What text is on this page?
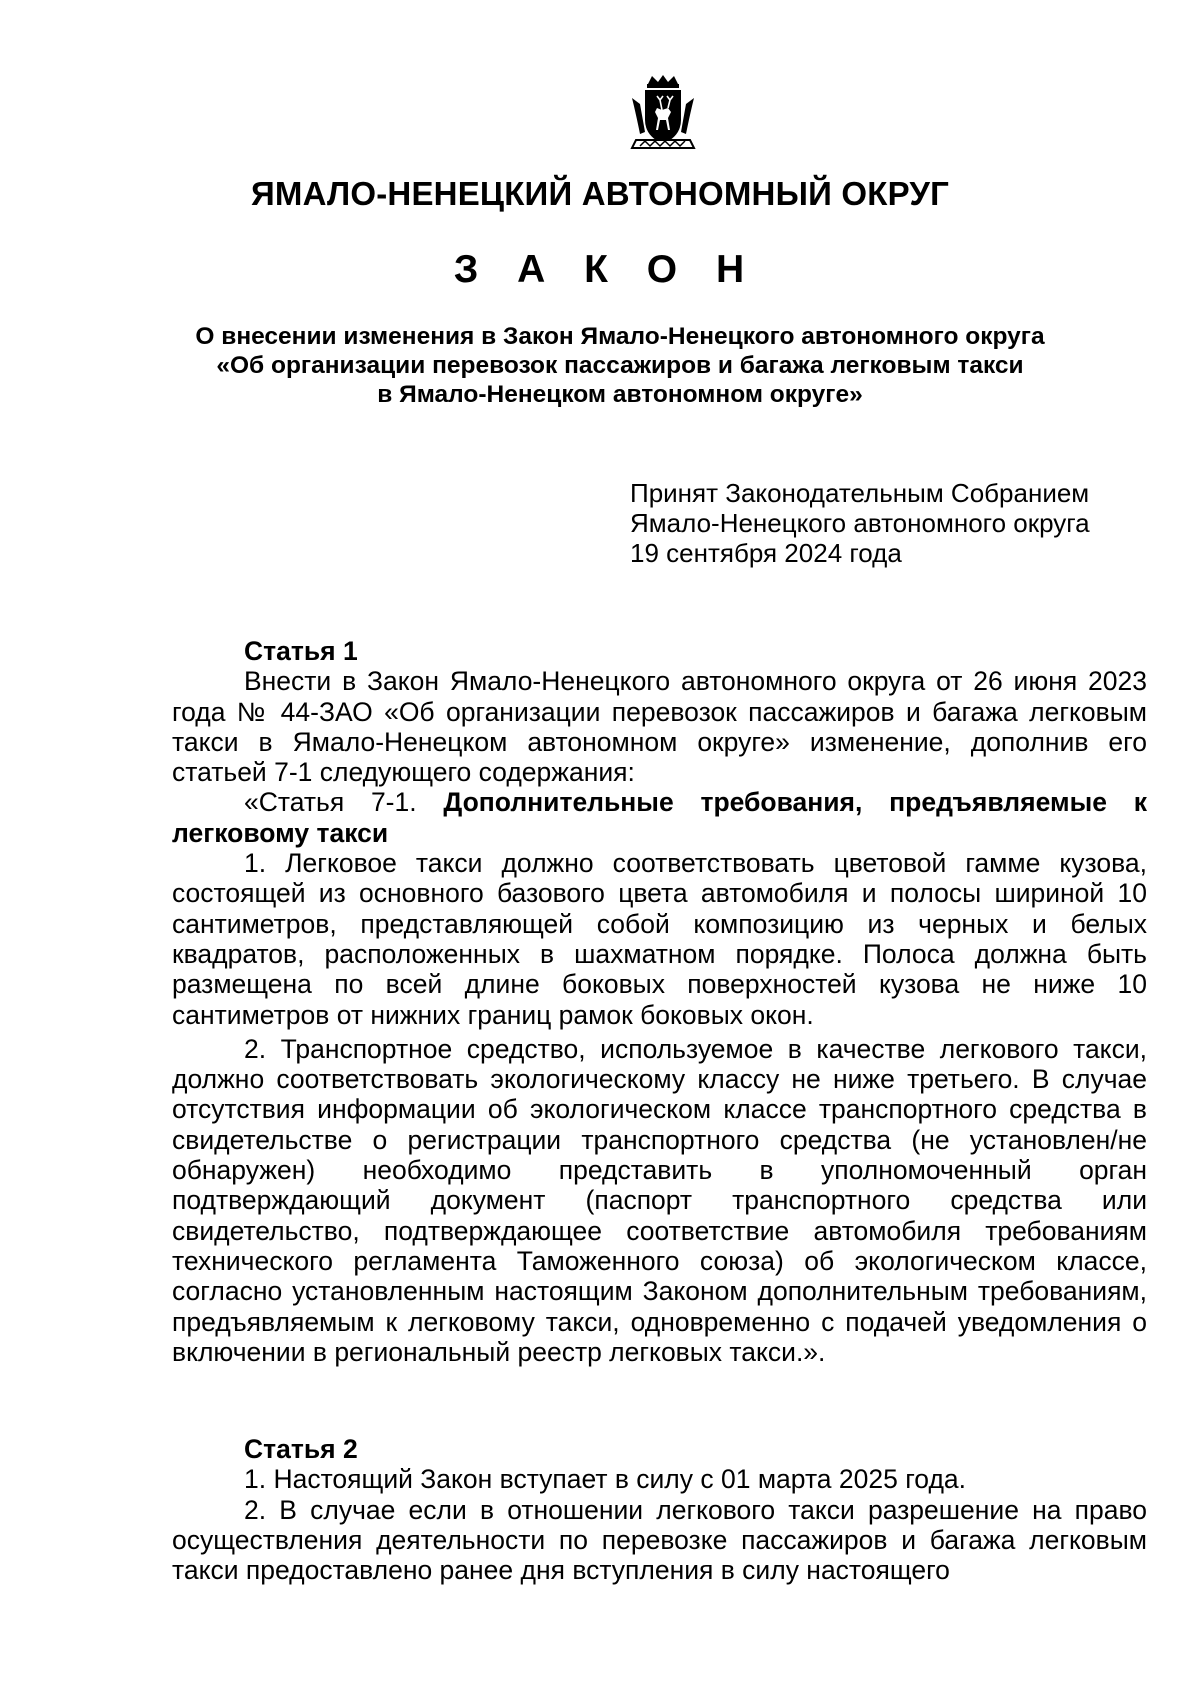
ЯМАЛО-НЕНЕЦКИЙ АВТОНОМНЫЙ ОКРУГ
З А К О Н
О внесении изменения в Закон Ямало-Ненецкого автономного округа
«Об организации перевозок пассажиров и багажа легковым такси
в Ямало-Ненецком автономном округе»
Принят Законодательным Собранием
Ямало-Ненецкого автономного округа
19 сентября 2024 года
Статья 1

Внести в Закон Ямало-Ненецкого автономного округа от 26 июня 2023 года № 44-ЗАО «Об организации перевозок пассажиров и багажа легковым такси в Ямало-Ненецком автономном округе» изменение, дополнив его статьей 7-1 следующего содержания:

«Статья 7-1. Дополнительные требования, предъявляемые к легковому такси

1. Легковое такси должно соответствовать цветовой гамме кузова, состоящей из основного базового цвета автомобиля и полосы шириной 10 сантиметров, представляющей собой композицию из черных и белых квадратов, расположенных в шахматном порядке. Полоса должна быть размещена по всей длине боковых поверхностей кузова не ниже 10 сантиметров от нижних границ рамок боковых окон.

2. Транспортное средство, используемое в качестве легкового такси, должно соответствовать экологическому классу не ниже третьего. В случае отсутствия информации об экологическом классе транспортного средства в свидетельстве о регистрации транспортного средства (не установлен/не обнаружен) необходимо представить в уполномоченный орган подтверждающий документ (паспорт транспортного средства или свидетельство, подтверждающее соответствие автомобиля требованиям технического регламента Таможенного союза) об экологическом классе, согласно установленным настоящим Законом дополнительным требованиям, предъявляемым к легковому такси, одновременно с подачей уведомления о включении в региональный реестр легковых такси.».

Статья 2

1. Настоящий Закон вступает в силу с 01 марта 2025 года.

2. В случае если в отношении легкового такси разрешение на право осуществления деятельности по перевозке пассажиров и багажа легковым такси предоставлено ранее дня вступления в силу настоящего
